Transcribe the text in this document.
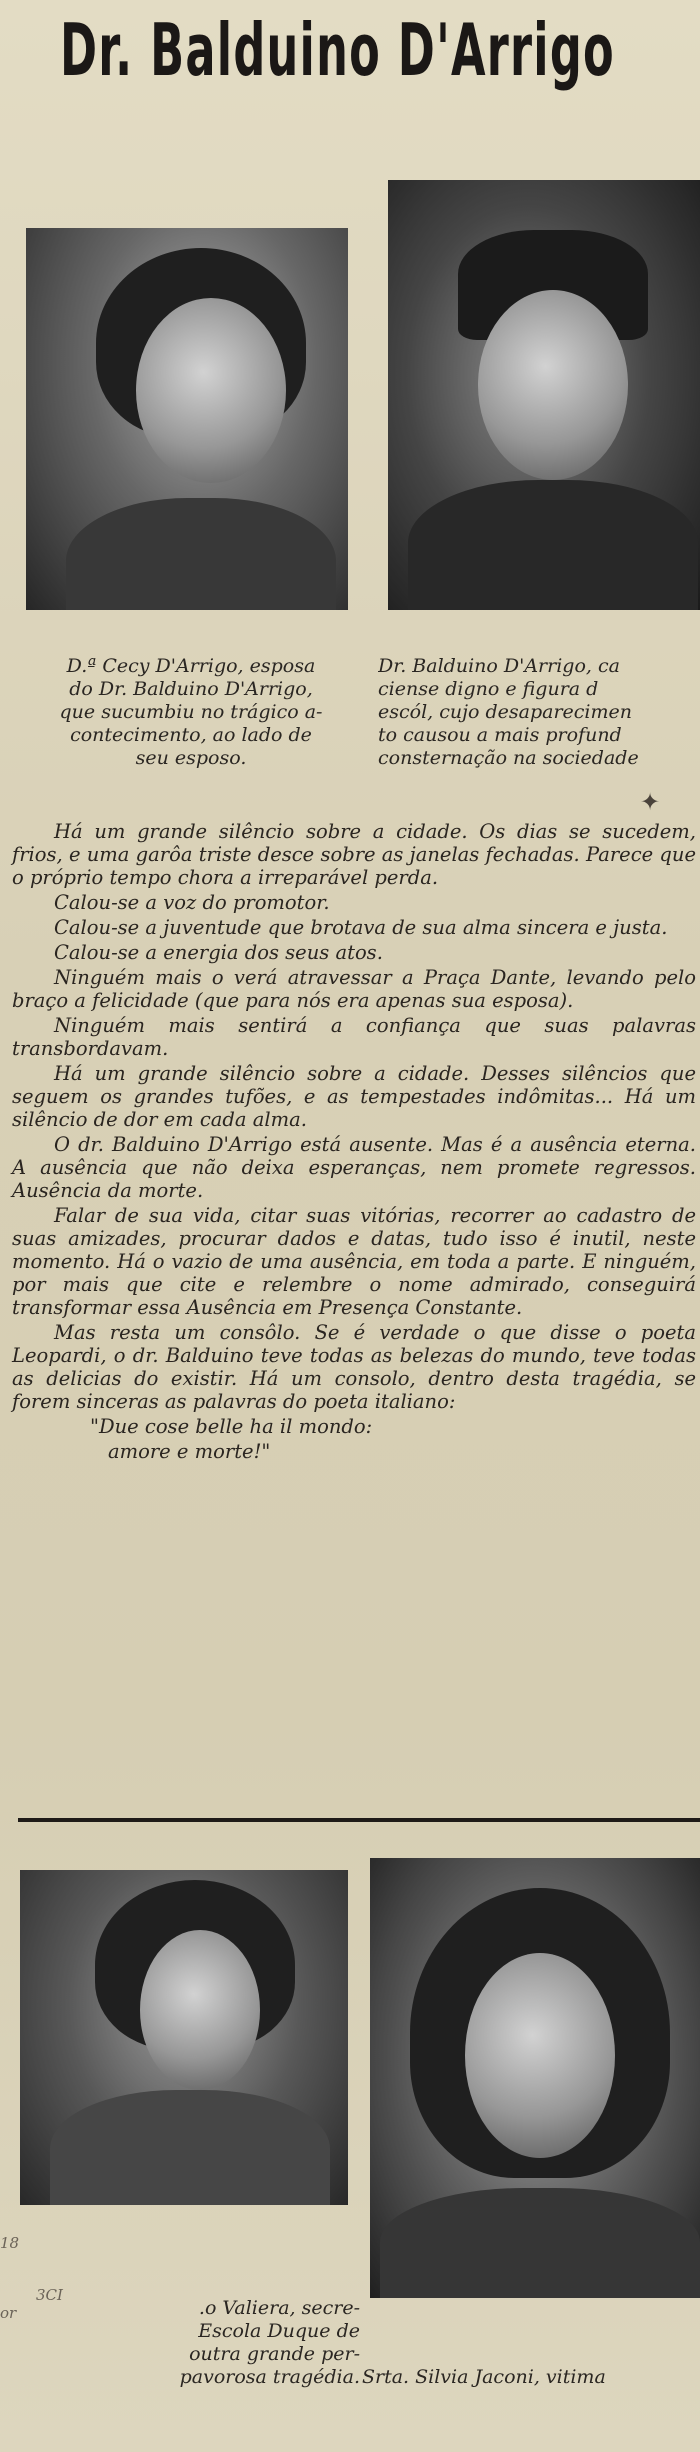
Dr. Balduino D'Arrigo
D.ª Cecy D'Arrigo, esposa
do Dr. Balduino D'Arrigo,
que sucumbiu no trágico a-
contecimento, ao lado de
seu esposo.
Dr. Balduino D'Arrigo, ca
ciense digno e figura d
escól, cujo desaparecimen
to causou a mais profund
consternação na sociedade
✦

Há um grande silêncio sobre a cidade. Os dias se sucedem, frios, e uma garôa triste desce sobre as janelas fechadas. Parece que o próprio tempo chora a irreparável perda.

Calou-se a voz do promotor.

Calou-se a juventude que brotava de sua alma sincera e justa.

Calou-se a energia dos seus atos.

Ninguém mais o verá atravessar a Praça Dante, levando pelo braço a felicidade (que para nós era apenas sua esposa).

Ninguém mais sentirá a confiança que suas palavras transbordavam.

Há um grande silêncio sobre a cidade. Desses silêncios que seguem os grandes tufões, e as tempestades indômitas... Há um silêncio de dor em cada alma.

O dr. Balduino D'Arrigo está ausente. Mas é a ausência eterna. A ausência que não deixa esperanças, nem promete regressos. Ausência da morte.

Falar de sua vida, citar suas vitórias, recorrer ao cadastro de suas amizades, procurar dados e datas, tudo isso é inutil, neste momento. Há o vazio de uma ausência, em toda a parte. E ninguém, por mais que cite e relembre o nome admirado, conseguirá transformar essa Ausência em Presença Constante.

Mas resta um consôlo. Se é verdade o que disse o poeta Leopardi, o dr. Balduino teve todas as belezas do mundo, teve todas as delicias do existir. Há um consolo, dentro desta tragédia, se forem sinceras as palavras do poeta italiano:

"Due cose belle ha il mondo:

amore e morte!"

.o Valiera, secre-
Escola Duque de
outra grande per-
pavorosa tragédia. Srta. Silvia Jaconi, vitima
18
3CI
or
